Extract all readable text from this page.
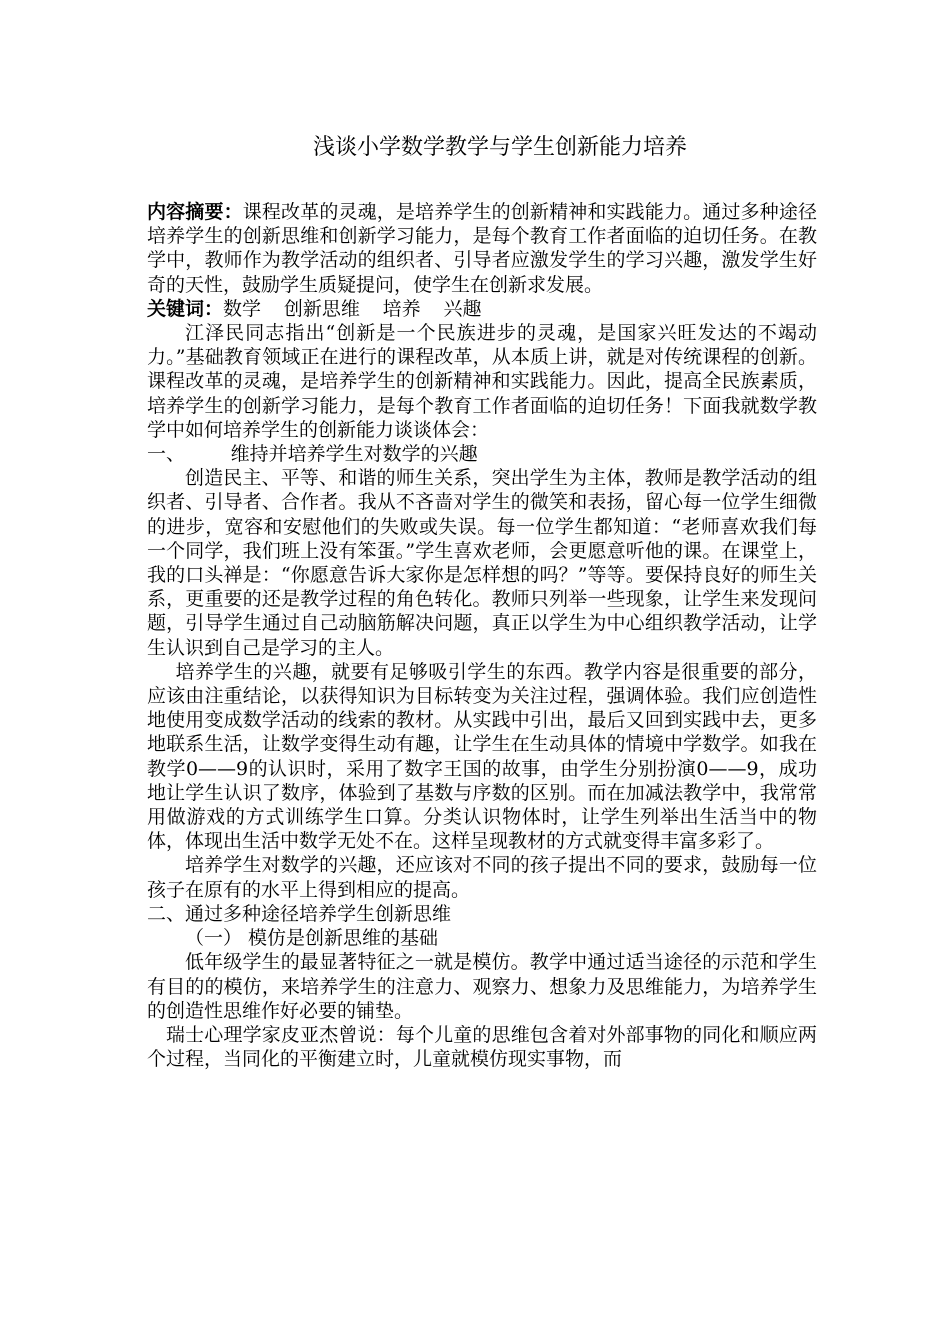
浅谈小学数学教学与学生创新能力培养

内容摘要：课程改革的灵魂，是培养学生的创新精神和实践能力。通过多种途径培养学生的创新思维和创新学习能力，是每个教育工作者面临的迫切任务。在教学中，教师作为教学活动的组织者、引导者应激发学生的学习兴趣，激发学生好奇的天性，鼓励学生质疑提问，使学生在创新求发展。

关键词：数学 创新思维 培养 兴趣

江泽民同志指出“创新是一个民族进步的灵魂，是国家兴旺发达的不竭动力。”基础教育领域正在进行的课程改革，从本质上讲，就是对传统课程的创新。课程改革的灵魂，是培养学生的创新精神和实践能力。因此，提高全民族素质，培养学生的创新学习能力，是每个教育工作者面临的迫切任务！下面我就数学教学中如何培养学生的创新能力谈谈体会：

一、 维持并培养学生对数学的兴趣

创造民主、平等、和谐的师生关系，突出学生为主体，教师是教学活动的组织者、引导者、合作者。我从不吝啬对学生的微笑和表扬，留心每一位学生细微的进步，宽容和安慰他们的失败或失误。每一位学生都知道：“老师喜欢我们每一个同学，我们班上没有笨蛋。”学生喜欢老师，会更愿意听他的课。在课堂上，我的口头禅是：“你愿意告诉大家你是怎样想的吗？”等等。要保持良好的师生关系，更重要的还是教学过程的角色转化。教师只列举一些现象，让学生来发现问题，引导学生通过自己动脑筋解决问题，真正以学生为中心组织教学活动，让学生认识到自己是学习的主人。

培养学生的兴趣，就要有足够吸引学生的东西。教学内容是很重要的部分，应该由注重结论，以获得知识为目标转变为关注过程，强调体验。我们应创造性地使用变成数学活动的线索的教材。从实践中引出，最后又回到实践中去，更多地联系生活，让数学变得生动有趣，让学生在生动具体的情境中学数学。如我在教学0——9的认识时，采用了数字王国的故事，由学生分别扮演0——9，成功地让学生认识了数序，体验到了基数与序数的区别。而在加减法教学中，我常常用做游戏的方式训练学生口算。分类认识物体时，让学生列举出生活当中的物体，体现出生活中数学无处不在。这样呈现教材的方式就变得丰富多彩了。

培养学生对数学的兴趣，还应该对不同的孩子提出不同的要求，鼓励每一位孩子在原有的水平上得到相应的提高。

二、通过多种途径培养学生创新思维

（一） 模仿是创新思维的基础

低年级学生的最显著特征之一就是模仿。教学中通过适当途径的示范和学生有目的的模仿，来培养学生的注意力、观察力、想象力及思维能力，为培养学生的创造性思维作好必要的铺垫。

瑞士心理学家皮亚杰曾说：每个儿童的思维包含着对外部事物的同化和顺应两个过程，当同化的平衡建立时，儿童就模仿现实事物，而
